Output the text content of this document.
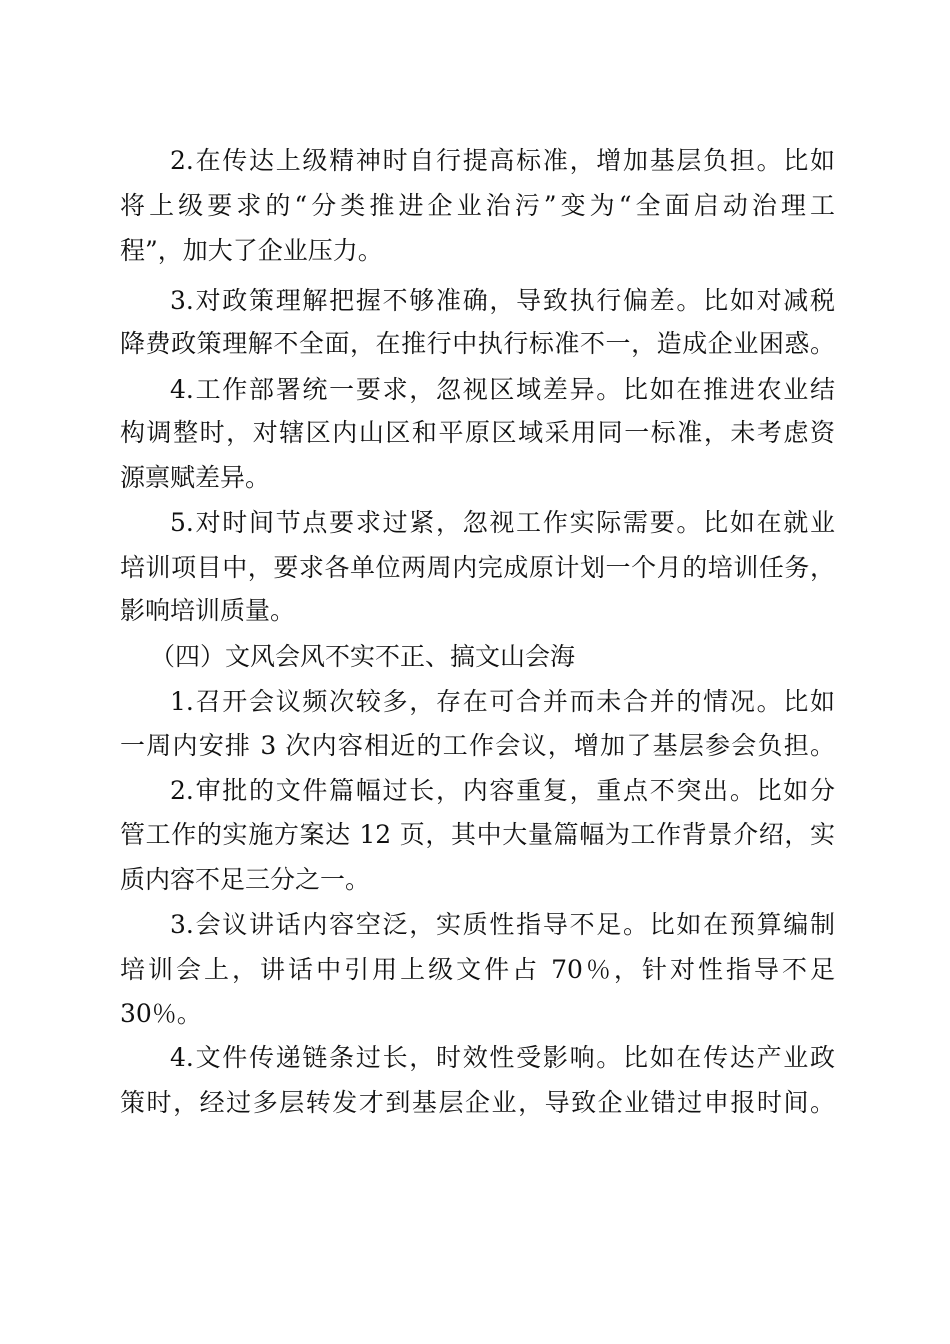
2.在传达上级精神时自行提高标准，增加基层负担。比如
将上级要求的“分类推进企业治污”变为“全面启动治理工
程”，加大了企业压力。
3.对政策理解把握不够准确，导致执行偏差。比如对减税
降费政策理解不全面，在推行中执行标准不一，造成企业困惑。
4.工作部署统一要求，忽视区域差异。比如在推进农业结
构调整时，对辖区内山区和平原区域采用同一标准，未考虑资
源禀赋差异。
5.对时间节点要求过紧，忽视工作实际需要。比如在就业
培训项目中，要求各单位两周内完成原计划一个月的培训任务，
影响培训质量。
（四）文风会风不实不正、搞文山会海
1.召开会议频次较多，存在可合并而未合并的情况。比如
一周内安排 3 次内容相近的工作会议，增加了基层参会负担。
2.审批的文件篇幅过长，内容重复，重点不突出。比如分
管工作的实施方案达 12 页，其中大量篇幅为工作背景介绍，实
质内容不足三分之一。
3.会议讲话内容空泛，实质性指导不足。比如在预算编制
培训会上，讲话中引用上级文件占 70％，针对性指导不足
30％。
4.文件传递链条过长，时效性受影响。比如在传达产业政
策时，经过多层转发才到基层企业，导致企业错过申报时间。
